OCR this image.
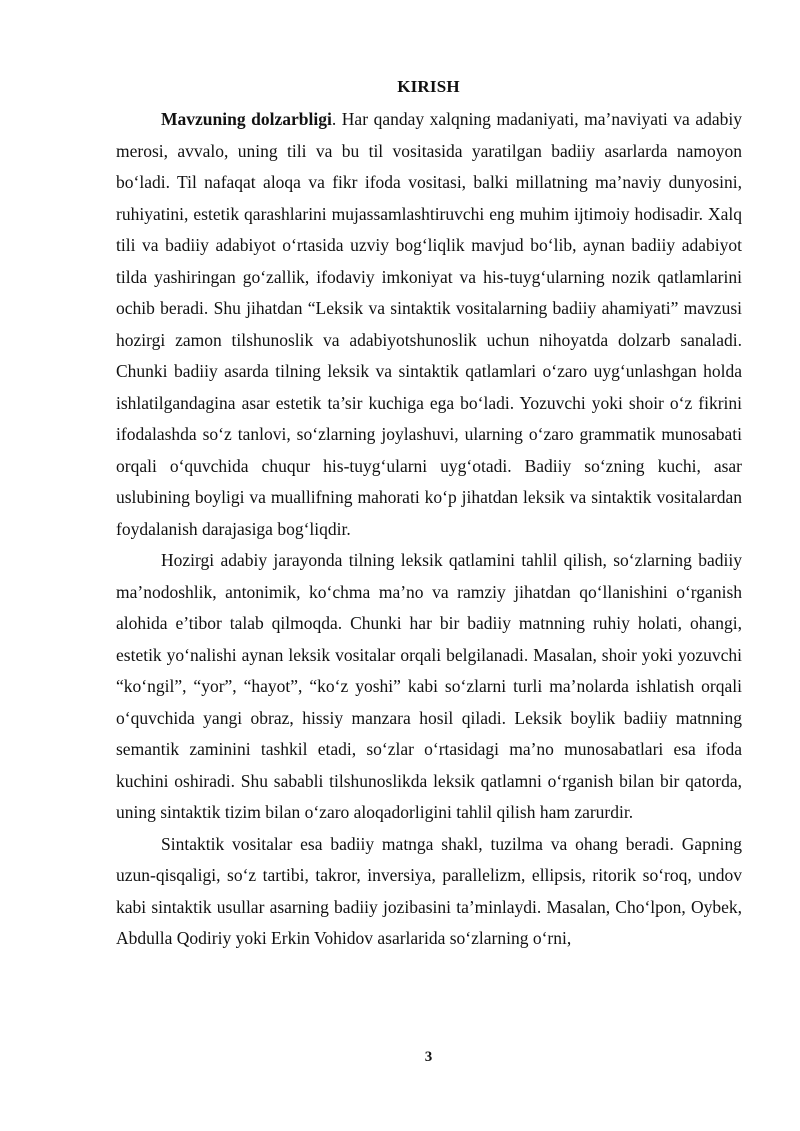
KIRISH

Mavzuning dolzarbligi. Har qanday xalqning madaniyati, ma’naviyati va adabiy merosi, avvalo, uning tili va bu til vositasida yaratilgan badiiy asarlarda namoyon bo‘ladi. Til nafaqat aloqa va fikr ifoda vositasi, balki millatning ma’naviy dunyosini, ruhiyatini, estetik qarashlarini mujassamlashtiruvchi eng muhim ijtimoiy hodisadir. Xalq tili va badiiy adabiyot o‘rtasida uzviy bog‘liqlik mavjud bo‘lib, aynan badiiy adabiyot tilda yashiringan go‘zallik, ifodaviy imkoniyat va his-tuyg‘ularning nozik qatlamlarini ochib beradi. Shu jihatdan “Leksik va sintaktik vositalarning badiiy ahamiyati” mavzusi hozirgi zamon tilshunoslik va adabiyotshunoslik uchun nihoyatda dolzarb sanaladi. Chunki badiiy asarda tilning leksik va sintaktik qatlamlari o‘zaro uyg‘unlashgan holda ishlatilgandagina asar estetik ta’sir kuchiga ega bo‘ladi. Yozuvchi yoki shoir o‘z fikrini ifodalashda so‘z tanlovi, so‘zlarning joylashuvi, ularning o‘zaro grammatik munosabati orqali o‘quvchida chuqur his-tuyg‘ularni uyg‘otadi. Badiiy so‘zning kuchi, asar uslubining boyligi va muallifning mahorati ko‘p jihatdan leksik va sintaktik vositalardan foydalanish darajasiga bog‘liqdir.

Hozirgi adabiy jarayonda tilning leksik qatlamini tahlil qilish, so‘zlarning badiiy ma’nodoshlik, antonimik, ko‘chma ma’no va ramziy jihatdan qo‘llanishini o‘rganish alohida e’tibor talab qilmoqda. Chunki har bir badiiy matnning ruhiy holati, ohangi, estetik yo‘nalishi aynan leksik vositalar orqali belgilanadi. Masalan, shoir yoki yozuvchi “ko‘ngil”, “yor”, “hayot”, “ko‘z yoshi” kabi so‘zlarni turli ma’nolarda ishlatish orqali o‘quvchida yangi obraz, hissiy manzara hosil qiladi. Leksik boylik badiiy matnning semantik zaminini tashkil etadi, so‘zlar o‘rtasidagi ma’no munosabatlari esa ifoda kuchini oshiradi. Shu sababli tilshunoslikda leksik qatlamni o‘rganish bilan bir qatorda, uning sintaktik tizim bilan o‘zaro aloqadorligini tahlil qilish ham zarurdir.

Sintaktik vositalar esa badiiy matnga shakl, tuzilma va ohang beradi. Gapning uzun-qisqaligi, so‘z tartibi, takror, inversiya, parallelizm, ellipsis, ritorik so‘roq, undov kabi sintaktik usullar asarning badiiy jozibasini ta’minlaydi. Masalan, Cho‘lpon, Oybek, Abdulla Qodiriy yoki Erkin Vohidov asarlarida so‘zlarning o‘rni,

3
